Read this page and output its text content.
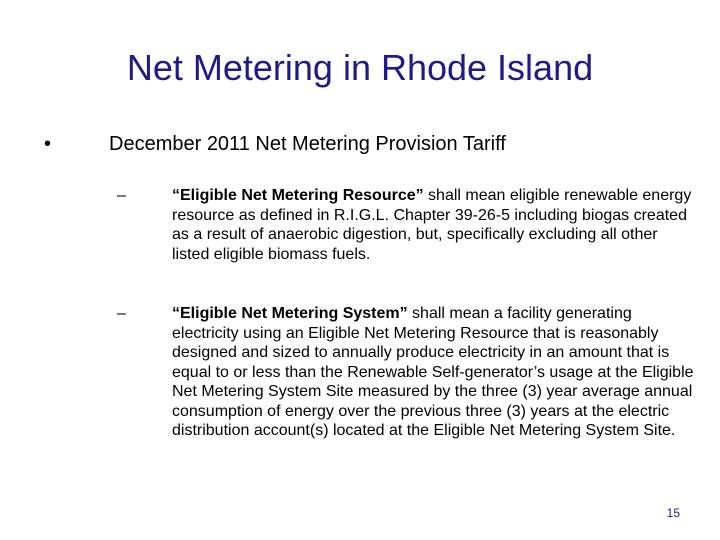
Net Metering in Rhode Island
•	December 2011 Net Metering Provision Tariff
–	“Eligible Net Metering Resource” shall mean eligible renewable energy resource as defined in R.I.G.L. Chapter 39-26-5 including biogas created as a result of anaerobic digestion, but, specifically excluding all other listed eligible biomass fuels.
–	“Eligible Net Metering System” shall mean a facility generating electricity using an Eligible Net Metering Resource that is reasonably designed and sized to annually produce electricity in an amount that is equal to or less than the Renewable Self-generator’s usage at the Eligible Net Metering System Site measured by the three (3) year average annual consumption of energy over the previous three (3) years at the electric distribution account(s) located at the Eligible Net Metering System Site.
15
